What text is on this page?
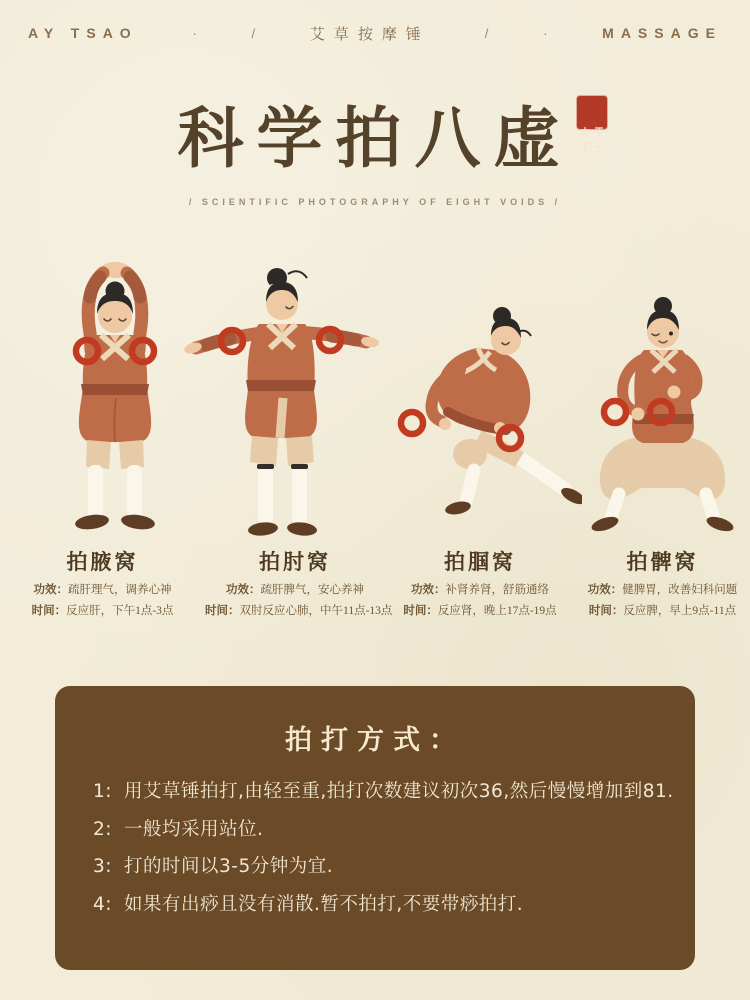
AY TSAO	·	/	艾草按摩锤	/	·	MASSAGE
科学拍八虚
/ SCIENTIFIC PHOTOGRAPHY OF EIGHT VOIDS /
拍腋窝
功效：疏肝理气，调养心神
时间：反应肝，下午1点-3点
拍肘窝
功效：疏肝脾气，安心养神
时间：双肘反应心肺，中午11点-13点
拍腘窝
功效：补肾养肾，舒筋通络
时间：反应肾，晚上17点-19点
拍髀窝
功效：健脾胃，改善妇科问题
时间：反应脾，早上9点-11点
拍打方式：
1: 用艾草锤拍打,由轻至重,拍打次数建议初次36,然后慢慢增加到81.
2: 一般均采用站位.
3: 打的时间以3-5分钟为宜.
4: 如果有出痧且没有消散.暂不拍打,不要带痧拍打.
